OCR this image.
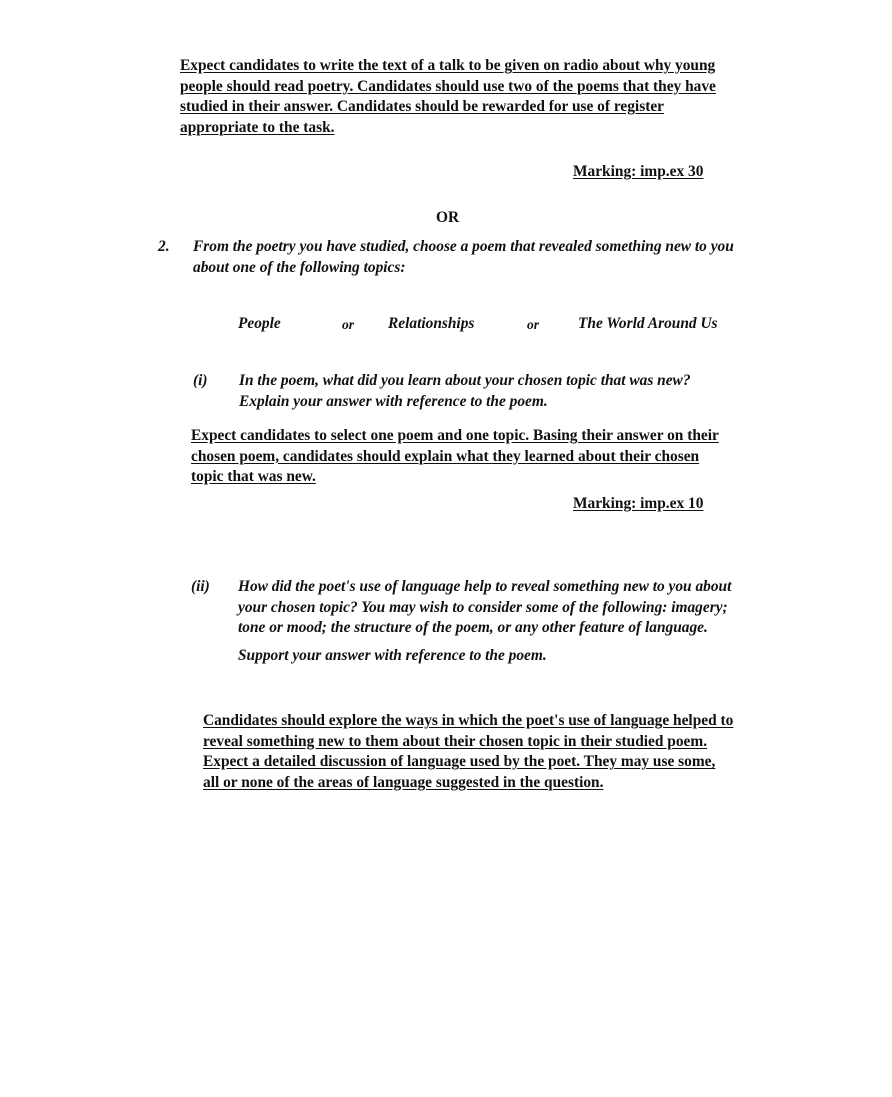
Expect candidates to write the text of a talk to be given on radio about why young
people should read poetry. Candidates should use two of the poems that they have
studied in their answer. Candidates should be rewarded for use of register
appropriate to the task.
Marking: imp.ex 30
OR
2. From the poetry you have studied, choose a poem that revealed something new to you
about one of the following topics:
People	or Relationships	or	The World Around Us
(i) In the poem, what did you learn about your chosen topic that was new?
Explain your answer with reference to the poem.
Expect candidates to select one poem and one topic. Basing their answer on their
chosen poem, candidates should explain what they learned about their chosen
topic that was new.
Marking: imp.ex 10
(ii) How did the poet's use of language help to reveal something new to you about
your chosen topic? You may wish to consider some of the following: imagery;
tone or mood; the structure of the poem, or any other feature of language.
Support your answer with reference to the poem.
Candidates should explore the ways in which the poet's use of language helped to
reveal something new to them about their chosen topic in their studied poem.
Expect a detailed discussion of language used by the poet. They may use some,
all or none of the areas of language suggested in the question.
